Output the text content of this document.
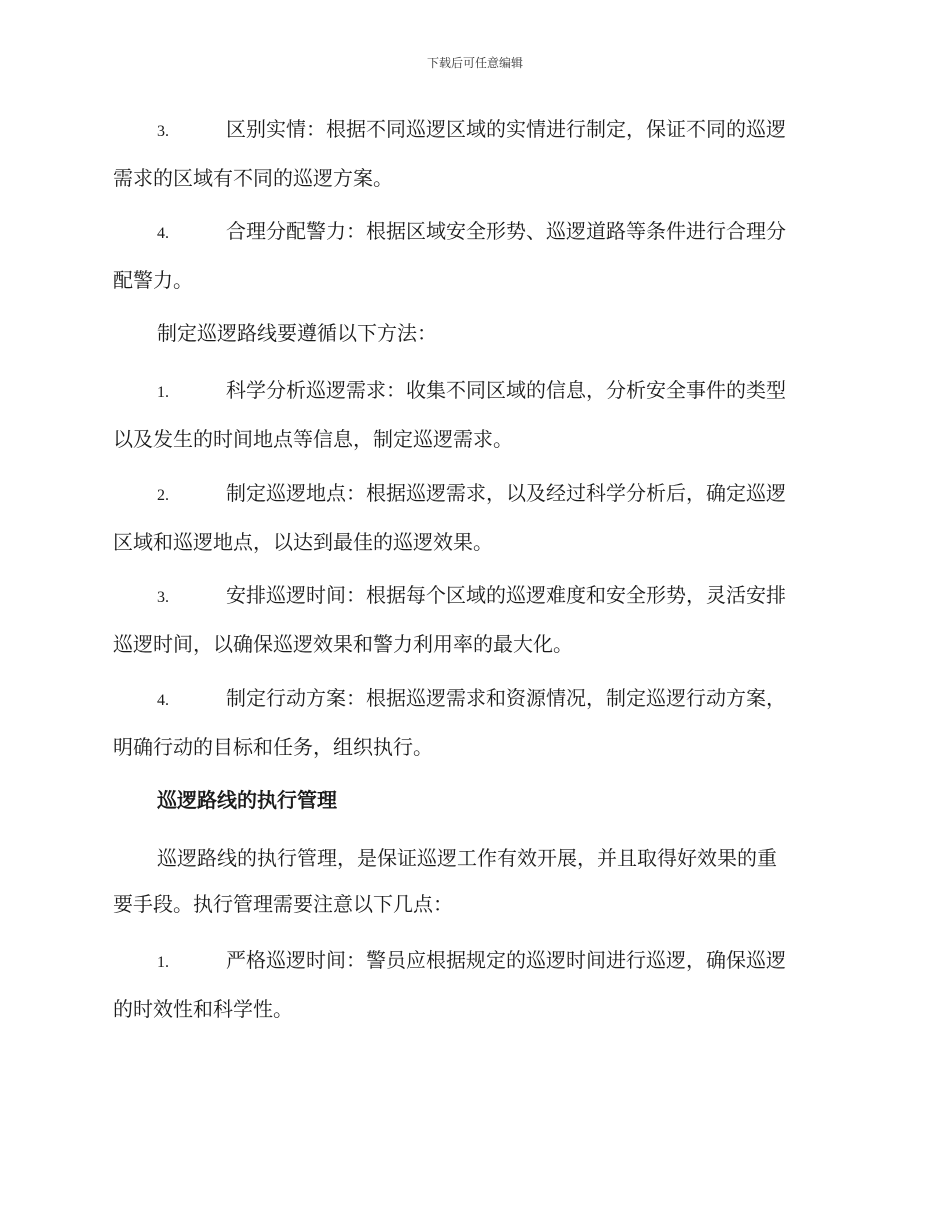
下载后可任意编辑
3.	区别实情：根据不同巡逻区域的实情进行制定，保证不同的巡逻
需求的区域有不同的巡逻方案。
4.	合理分配警力：根据区域安全形势、巡逻道路等条件进行合理分
配警力。
制定巡逻路线要遵循以下方法：
1.	科学分析巡逻需求：收集不同区域的信息，分析安全事件的类型
以及发生的时间地点等信息，制定巡逻需求。
2.	制定巡逻地点：根据巡逻需求，以及经过科学分析后，确定巡逻
区域和巡逻地点，以达到最佳的巡逻效果。
3.	安排巡逻时间：根据每个区域的巡逻难度和安全形势，灵活安排
巡逻时间，以确保巡逻效果和警力利用率的最大化。
4.	制定行动方案：根据巡逻需求和资源情况，制定巡逻行动方案，
明确行动的目标和任务，组织执行。
巡逻路线的执行管理
巡逻路线的执行管理，是保证巡逻工作有效开展，并且取得好效果的重
要手段。执行管理需要注意以下几点：
1.	严格巡逻时间：警员应根据规定的巡逻时间进行巡逻，确保巡逻
的时效性和科学性。
